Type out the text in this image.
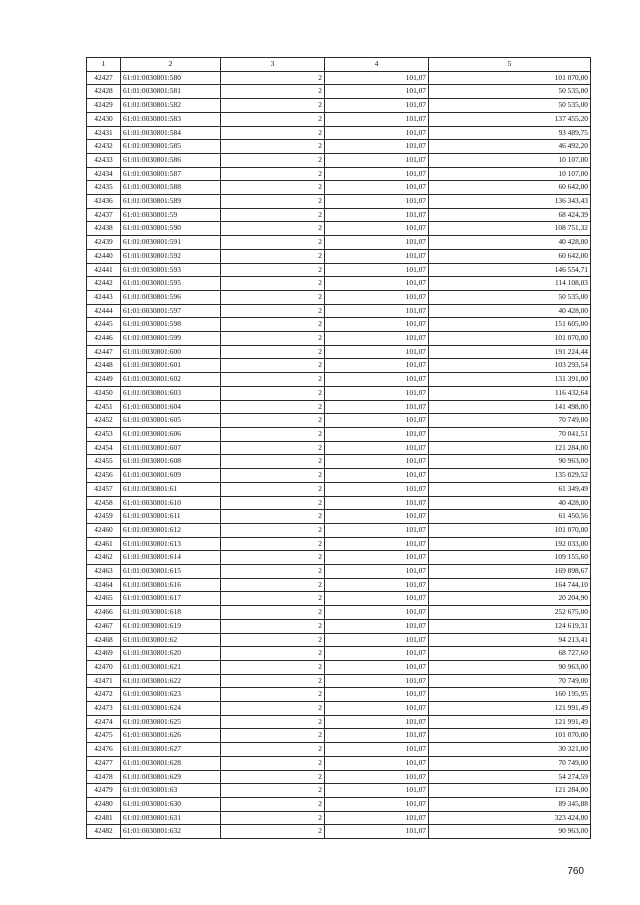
1	2	3	4	5
42427	61:01:0030801:580	2	101,07	101 070,00
42428	61:01:0030801:581	2	101,07	50 535,00
42429	61:01:0030801:582	2	101,07	50 535,00
42430	61:01:0030801:583	2	101,07	137 455,20
42431	61:01:0030801:584	2	101,07	93 489,75
42432	61:01:0030801:585	2	101,07	46 492,20
42433	61:01:0030801:586	2	101,07	10 107,00
42434	61:01:0030801:587	2	101,07	10 107,00
42435	61:01:0030801:588	2	101,07	60 642,00
42436	61:01:0030801:589	2	101,07	136 343,43
42437	61:01:0030801:59	2	101,07	68 424,39
42438	61:01:0030801:590	2	101,07	108 751,32
42439	61:01:0030801:591	2	101,07	40 428,00
42440	61:01:0030801:592	2	101,07	60 642,00
42441	61:01:0030801:593	2	101,07	146 554,71
42442	61:01:0030801:595	2	101,07	114 108,03
42443	61:01:0030801:596	2	101,07	50 535,00
42444	61:01:0030801:597	2	101,07	40 428,00
42445	61:01:0030801:598	2	101,07	151 605,00
42446	61:01:0030801:599	2	101,07	101 070,00
42447	61:01:0030801:600	2	101,07	191 224,44
42448	61:01:0030801:601	2	101,07	103 293,54
42449	61:01:0030801:602	2	101,07	131 391,00
42450	61:01:0030801:603	2	101,07	116 432,64
42451	61:01:0030801:604	2	101,07	141 498,00
42452	61:01:0030801:605	2	101,07	70 749,00
42453	61:01:0030801:606	2	101,07	70 041,51
42454	61:01:0030801:607	2	101,07	121 284,00
42455	61:01:0030801:608	2	101,07	90 963,00
42456	61:01:0030801:609	2	101,07	135 029,52
42457	61:01:0030801:61	2	101,07	61 349,49
42458	61:01:0030801:610	2	101,07	40 428,00
42459	61:01:0030801:611	2	101,07	61 450,56
42460	61:01:0030801:612	2	101,07	101 070,00
42461	61:01:0030801:613	2	101,07	192 033,00
42462	61:01:0030801:614	2	101,07	109 155,60
42463	61:01:0030801:615	2	101,07	169 898,67
42464	61:01:0030801:616	2	101,07	164 744,10
42465	61:01:0030801:617	2	101,07	20 204,90
42466	61:01:0030801:618	2	101,07	252 675,00
42467	61:01:0030801:619	2	101,07	124 619,31
42468	61:01:0030801:62	2	101,07	94 213,41
42469	61:01:0030801:620	2	101,07	68 727,60
42470	61:01:0030801:621	2	101,07	90 963,00
42471	61:01:0030801:622	2	101,07	70 749,00
42472	61:01:0030801:623	2	101,07	160 195,95
42473	61:01:0030801:624	2	101,07	121 991,49
42474	61:01:0030801:625	2	101,07	121 991,49
42475	61:01:0030801:626	2	101,07	101 070,00
42476	61:01:0030801:627	2	101,07	30 321,00
42477	61:01:0030801:628	2	101,07	70 749,00
42478	61:01:0030801:629	2	101,07	54 274,59
42479	61:01:0030801:63	2	101,07	121 284,00
42480	61:01:0030801:630	2	101,07	89 345,88
42481	61:01:0030801:631	2	101,07	323 424,00
42482	61:01:0030801:632	2	101,07	90 963,00
760
